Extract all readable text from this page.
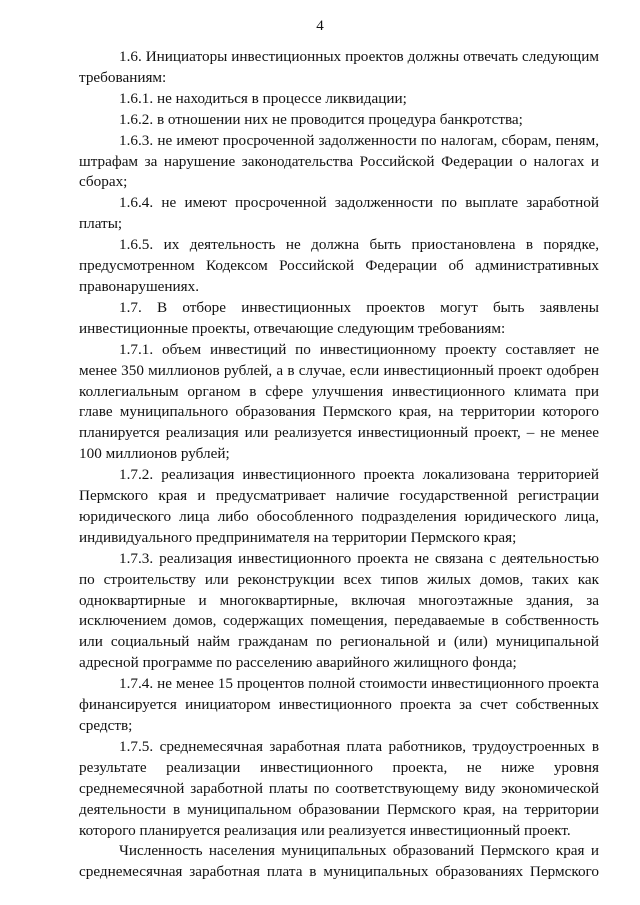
4

1.6. Инициаторы инвестиционных проектов должны отвечать следующим требованиям:

1.6.1. не находиться в процессе ликвидации;

1.6.2. в отношении них не проводится процедура банкротства;

1.6.3. не имеют просроченной задолженности по налогам, сборам, пеням, штрафам за нарушение законодательства Российской Федерации о налогах и сборах;

1.6.4. не имеют просроченной задолженности по выплате заработной платы;

1.6.5. их деятельность не должна быть приостановлена в порядке, предусмотренном Кодексом Российской Федерации об административных правонарушениях.

1.7. В отборе инвестиционных проектов могут быть заявлены инвестиционные проекты, отвечающие следующим требованиям:

1.7.1. объем инвестиций по инвестиционному проекту составляет не менее 350 миллионов рублей, а в случае, если инвестиционный проект одобрен коллегиальным органом в сфере улучшения инвестиционного климата при главе муниципального образования Пермского края, на территории которого планируется реализация или реализуется инвестиционный проект, – не менее 100 миллионов рублей;

1.7.2. реализация инвестиционного проекта локализована территорией Пермского края и предусматривает наличие государственной регистрации юридического лица либо обособленного подразделения юридического лица, индивидуального предпринимателя на территории Пермского края;

1.7.3. реализация инвестиционного проекта не связана с деятельностью по строительству или реконструкции всех типов жилых домов, таких как одноквартирные и многоквартирные, включая многоэтажные здания, за исключением домов, содержащих помещения, передаваемые в собственность или социальный найм гражданам по региональной и (или) муниципальной адресной программе по расселению аварийного жилищного фонда;

1.7.4. не менее 15 процентов полной стоимости инвестиционного проекта финансируется инициатором инвестиционного проекта за счет собственных средств;

1.7.5. среднемесячная заработная плата работников, трудоустроенных в результате реализации инвестиционного проекта, не ниже уровня среднемесячной заработной платы по соответствующему виду экономической деятельности в муниципальном образовании Пермского края, на территории которого планируется реализация или реализуется инвестиционный проект.

Численность населения муниципальных образований Пермского края и среднемесячная заработная плата в муниципальных образованиях Пермского
